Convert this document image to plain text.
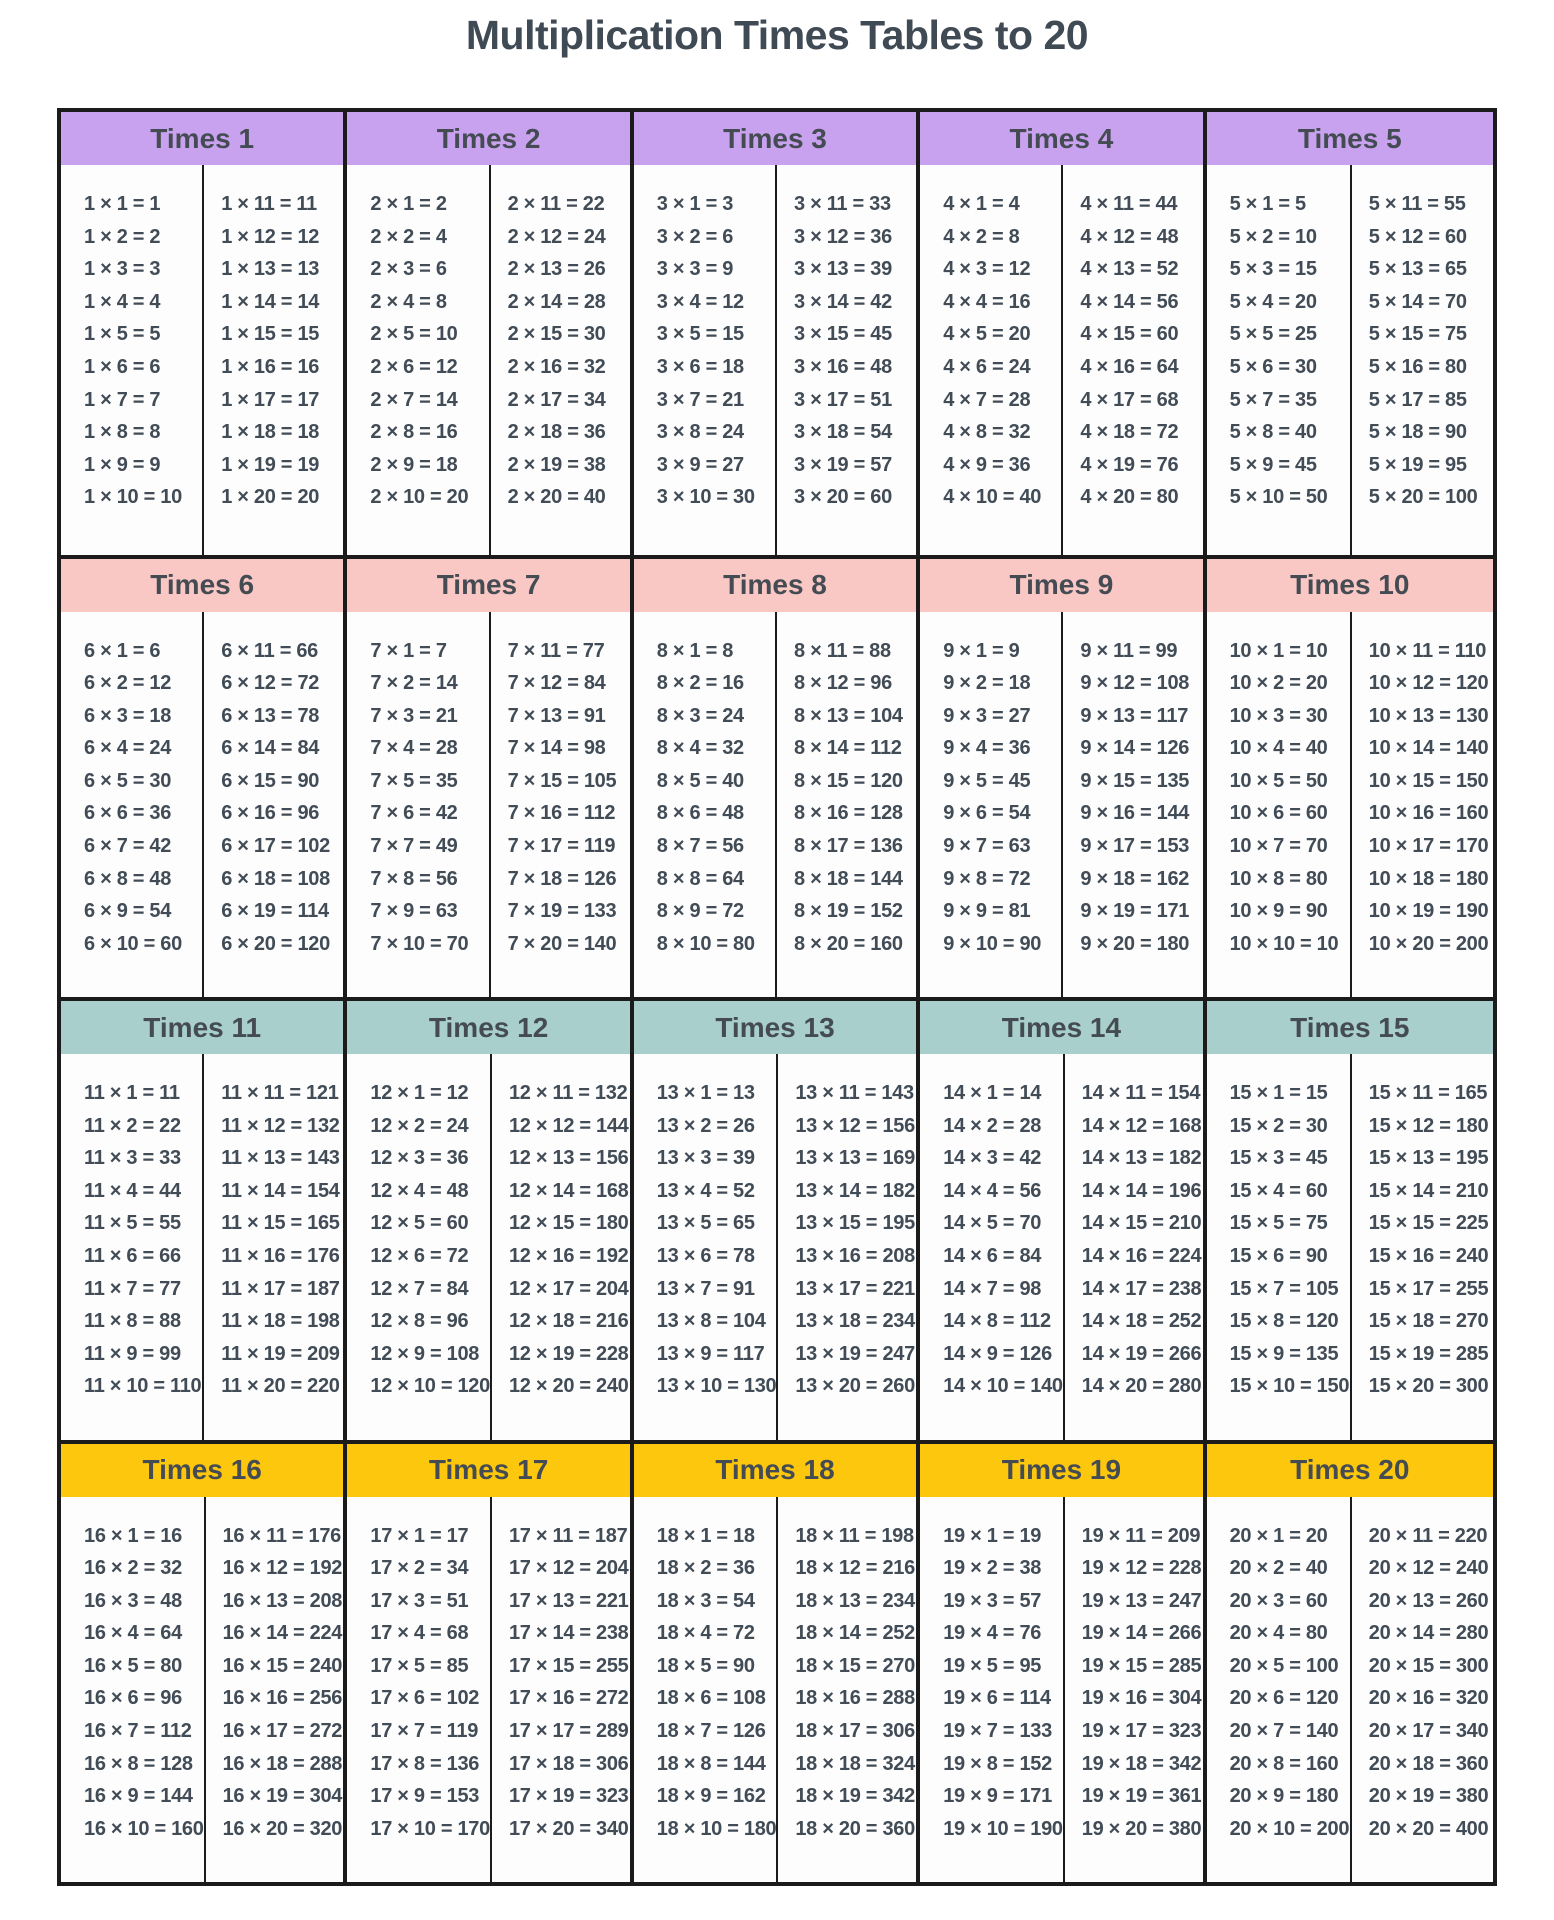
Multiplication Times Tables to 20
Times 1
1 × 1 = 1
1 × 2 = 2
1 × 3 = 3
1 × 4 = 4
1 × 5 = 5
1 × 6 = 6
1 × 7 = 7
1 × 8 = 8
1 × 9 = 9
1 × 10 = 10
1 × 11 = 11
1 × 12 = 12
1 × 13 = 13
1 × 14 = 14
1 × 15 = 15
1 × 16 = 16
1 × 17 = 17
1 × 18 = 18
1 × 19 = 19
1 × 20 = 20
Times 2
2 × 1 = 2
2 × 2 = 4
2 × 3 = 6
2 × 4 = 8
2 × 5 = 10
2 × 6 = 12
2 × 7 = 14
2 × 8 = 16
2 × 9 = 18
2 × 10 = 20
2 × 11 = 22
2 × 12 = 24
2 × 13 = 26
2 × 14 = 28
2 × 15 = 30
2 × 16 = 32
2 × 17 = 34
2 × 18 = 36
2 × 19 = 38
2 × 20 = 40
Times 3
3 × 1 = 3
3 × 2 = 6
3 × 3 = 9
3 × 4 = 12
3 × 5 = 15
3 × 6 = 18
3 × 7 = 21
3 × 8 = 24
3 × 9 = 27
3 × 10 = 30
3 × 11 = 33
3 × 12 = 36
3 × 13 = 39
3 × 14 = 42
3 × 15 = 45
3 × 16 = 48
3 × 17 = 51
3 × 18 = 54
3 × 19 = 57
3 × 20 = 60
Times 4
4 × 1 = 4
4 × 2 = 8
4 × 3 = 12
4 × 4 = 16
4 × 5 = 20
4 × 6 = 24
4 × 7 = 28
4 × 8 = 32
4 × 9 = 36
4 × 10 = 40
4 × 11 = 44
4 × 12 = 48
4 × 13 = 52
4 × 14 = 56
4 × 15 = 60
4 × 16 = 64
4 × 17 = 68
4 × 18 = 72
4 × 19 = 76
4 × 20 = 80
Times 5
5 × 1 = 5
5 × 2 = 10
5 × 3 = 15
5 × 4 = 20
5 × 5 = 25
5 × 6 = 30
5 × 7 = 35
5 × 8 = 40
5 × 9 = 45
5 × 10 = 50
5 × 11 = 55
5 × 12 = 60
5 × 13 = 65
5 × 14 = 70
5 × 15 = 75
5 × 16 = 80
5 × 17 = 85
5 × 18 = 90
5 × 19 = 95
5 × 20 = 100
Times 6
6 × 1 = 6
6 × 2 = 12
6 × 3 = 18
6 × 4 = 24
6 × 5 = 30
6 × 6 = 36
6 × 7 = 42
6 × 8 = 48
6 × 9 = 54
6 × 10 = 60
6 × 11 = 66
6 × 12 = 72
6 × 13 = 78
6 × 14 = 84
6 × 15 = 90
6 × 16 = 96
6 × 17 = 102
6 × 18 = 108
6 × 19 = 114
6 × 20 = 120
Times 7
7 × 1 = 7
7 × 2 = 14
7 × 3 = 21
7 × 4 = 28
7 × 5 = 35
7 × 6 = 42
7 × 7 = 49
7 × 8 = 56
7 × 9 = 63
7 × 10 = 70
7 × 11 = 77
7 × 12 = 84
7 × 13 = 91
7 × 14 = 98
7 × 15 = 105
7 × 16 = 112
7 × 17 = 119
7 × 18 = 126
7 × 19 = 133
7 × 20 = 140
Times 8
8 × 1 = 8
8 × 2 = 16
8 × 3 = 24
8 × 4 = 32
8 × 5 = 40
8 × 6 = 48
8 × 7 = 56
8 × 8 = 64
8 × 9 = 72
8 × 10 = 80
8 × 11 = 88
8 × 12 = 96
8 × 13 = 104
8 × 14 = 112
8 × 15 = 120
8 × 16 = 128
8 × 17 = 136
8 × 18 = 144
8 × 19 = 152
8 × 20 = 160
Times 9
9 × 1 = 9
9 × 2 = 18
9 × 3 = 27
9 × 4 = 36
9 × 5 = 45
9 × 6 = 54
9 × 7 = 63
9 × 8 = 72
9 × 9 = 81
9 × 10 = 90
9 × 11 = 99
9 × 12 = 108
9 × 13 = 117
9 × 14 = 126
9 × 15 = 135
9 × 16 = 144
9 × 17 = 153
9 × 18 = 162
9 × 19 = 171
9 × 20 = 180
Times 10
10 × 1 = 10
10 × 2 = 20
10 × 3 = 30
10 × 4 = 40
10 × 5 = 50
10 × 6 = 60
10 × 7 = 70
10 × 8 = 80
10 × 9 = 90
10 × 10 = 10
10 × 11 = 110
10 × 12 = 120
10 × 13 = 130
10 × 14 = 140
10 × 15 = 150
10 × 16 = 160
10 × 17 = 170
10 × 18 = 180
10 × 19 = 190
10 × 20 = 200
Times 11
11 × 1 = 11
11 × 2 = 22
11 × 3 = 33
11 × 4 = 44
11 × 5 = 55
11 × 6 = 66
11 × 7 = 77
11 × 8 = 88
11 × 9 = 99
11 × 10 = 110
11 × 11 = 121
11 × 12 = 132
11 × 13 = 143
11 × 14 = 154
11 × 15 = 165
11 × 16 = 176
11 × 17 = 187
11 × 18 = 198
11 × 19 = 209
11 × 20 = 220
Times 12
12 × 1 = 12
12 × 2 = 24
12 × 3 = 36
12 × 4 = 48
12 × 5 = 60
12 × 6 = 72
12 × 7 = 84
12 × 8 = 96
12 × 9 = 108
12 × 10 = 120
12 × 11 = 132
12 × 12 = 144
12 × 13 = 156
12 × 14 = 168
12 × 15 = 180
12 × 16 = 192
12 × 17 = 204
12 × 18 = 216
12 × 19 = 228
12 × 20 = 240
Times 13
13 × 1 = 13
13 × 2 = 26
13 × 3 = 39
13 × 4 = 52
13 × 5 = 65
13 × 6 = 78
13 × 7 = 91
13 × 8 = 104
13 × 9 = 117
13 × 10 = 130
13 × 11 = 143
13 × 12 = 156
13 × 13 = 169
13 × 14 = 182
13 × 15 = 195
13 × 16 = 208
13 × 17 = 221
13 × 18 = 234
13 × 19 = 247
13 × 20 = 260
Times 14
14 × 1 = 14
14 × 2 = 28
14 × 3 = 42
14 × 4 = 56
14 × 5 = 70
14 × 6 = 84
14 × 7 = 98
14 × 8 = 112
14 × 9 = 126
14 × 10 = 140
14 × 11 = 154
14 × 12 = 168
14 × 13 = 182
14 × 14 = 196
14 × 15 = 210
14 × 16 = 224
14 × 17 = 238
14 × 18 = 252
14 × 19 = 266
14 × 20 = 280
Times 15
15 × 1 = 15
15 × 2 = 30
15 × 3 = 45
15 × 4 = 60
15 × 5 = 75
15 × 6 = 90
15 × 7 = 105
15 × 8 = 120
15 × 9 = 135
15 × 10 = 150
15 × 11 = 165
15 × 12 = 180
15 × 13 = 195
15 × 14 = 210
15 × 15 = 225
15 × 16 = 240
15 × 17 = 255
15 × 18 = 270
15 × 19 = 285
15 × 20 = 300
Times 16
16 × 1 = 16
16 × 2 = 32
16 × 3 = 48
16 × 4 = 64
16 × 5 = 80
16 × 6 = 96
16 × 7 = 112
16 × 8 = 128
16 × 9 = 144
16 × 10 = 160
16 × 11 = 176
16 × 12 = 192
16 × 13 = 208
16 × 14 = 224
16 × 15 = 240
16 × 16 = 256
16 × 17 = 272
16 × 18 = 288
16 × 19 = 304
16 × 20 = 320
Times 17
17 × 1 = 17
17 × 2 = 34
17 × 3 = 51
17 × 4 = 68
17 × 5 = 85
17 × 6 = 102
17 × 7 = 119
17 × 8 = 136
17 × 9 = 153
17 × 10 = 170
17 × 11 = 187
17 × 12 = 204
17 × 13 = 221
17 × 14 = 238
17 × 15 = 255
17 × 16 = 272
17 × 17 = 289
17 × 18 = 306
17 × 19 = 323
17 × 20 = 340
Times 18
18 × 1 = 18
18 × 2 = 36
18 × 3 = 54
18 × 4 = 72
18 × 5 = 90
18 × 6 = 108
18 × 7 = 126
18 × 8 = 144
18 × 9 = 162
18 × 10 = 180
18 × 11 = 198
18 × 12 = 216
18 × 13 = 234
18 × 14 = 252
18 × 15 = 270
18 × 16 = 288
18 × 17 = 306
18 × 18 = 324
18 × 19 = 342
18 × 20 = 360
Times 19
19 × 1 = 19
19 × 2 = 38
19 × 3 = 57
19 × 4 = 76
19 × 5 = 95
19 × 6 = 114
19 × 7 = 133
19 × 8 = 152
19 × 9 = 171
19 × 10 = 190
19 × 11 = 209
19 × 12 = 228
19 × 13 = 247
19 × 14 = 266
19 × 15 = 285
19 × 16 = 304
19 × 17 = 323
19 × 18 = 342
19 × 19 = 361
19 × 20 = 380
Times 20
20 × 1 = 20
20 × 2 = 40
20 × 3 = 60
20 × 4 = 80
20 × 5 = 100
20 × 6 = 120
20 × 7 = 140
20 × 8 = 160
20 × 9 = 180
20 × 10 = 200
20 × 11 = 220
20 × 12 = 240
20 × 13 = 260
20 × 14 = 280
20 × 15 = 300
20 × 16 = 320
20 × 17 = 340
20 × 18 = 360
20 × 19 = 380
20 × 20 = 400
